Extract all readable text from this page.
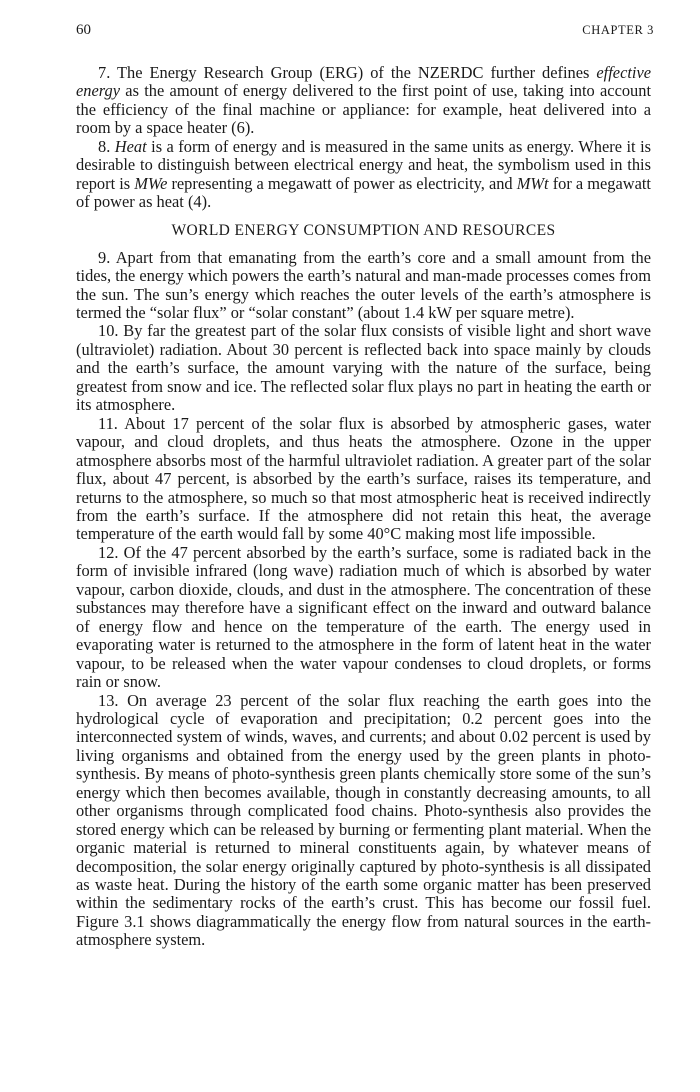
60	CHAPTER 3

7. The Energy Research Group (ERG) of the NZERDC further defines effective energy as the amount of energy delivered to the first point of use, taking into account the efficiency of the final machine or appliance: for example, heat delivered into a room by a space heater (6).

8. Heat is a form of energy and is measured in the same units as energy. Where it is desirable to distinguish between electrical energy and heat, the symbolism used in this report is MWe representing a megawatt of power as electricity, and MWt for a megawatt of power as heat (4).

WORLD ENERGY CONSUMPTION AND RESOURCES

9. Apart from that emanating from the earth’s core and a small amount from the tides, the energy which powers the earth’s natural and man-made processes comes from the sun. The sun’s energy which reaches the outer levels of the earth’s atmosphere is termed the “solar flux” or “solar constant” (about 1.4 kW per square metre).

10. By far the greatest part of the solar flux consists of visible light and short wave (ultraviolet) radiation. About 30 percent is reflected back into space mainly by clouds and the earth’s surface, the amount varying with the nature of the surface, being greatest from snow and ice. The reflected solar flux plays no part in heating the earth or its atmosphere.

11. About 17 percent of the solar flux is absorbed by atmospheric gases, water vapour, and cloud droplets, and thus heats the atmosphere. Ozone in the upper atmosphere absorbs most of the harmful ultraviolet radiation. A greater part of the solar flux, about 47 percent, is absorbed by the earth’s surface, raises its temperature, and returns to the atmosphere, so much so that most atmospheric heat is received indirectly from the earth’s surface. If the atmosphere did not retain this heat, the average temperature of the earth would fall by some 40°C making most life impossible.

12. Of the 47 percent absorbed by the earth’s surface, some is radiated back in the form of invisible infrared (long wave) radiation much of which is absorbed by water vapour, carbon dioxide, clouds, and dust in the atmosphere. The concentration of these substances may therefore have a significant effect on the inward and outward balance of energy flow and hence on the temperature of the earth. The energy used in evaporating water is returned to the atmosphere in the form of latent heat in the water vapour, to be released when the water vapour condenses to cloud droplets, or forms rain or snow.

13. On average 23 percent of the solar flux reaching the earth goes into the hydrological cycle of evaporation and precipitation; 0.2 percent goes into the interconnected system of winds, waves, and currents; and about 0.02 percent is used by living organisms and obtained from the energy used by the green plants in photo-synthesis. By means of photo-synthesis green plants chemically store some of the sun’s energy which then becomes available, though in constantly decreasing amounts, to all other organisms through complicated food chains. Photo-synthesis also provides the stored energy which can be released by burning or fermenting plant material. When the organic material is returned to mineral constituents again, by whatever means of decomposition, the solar energy originally captured by photo-synthesis is all dissipated as waste heat. During the history of the earth some organic matter has been preserved within the sedimentary rocks of the earth’s crust. This has become our fossil fuel. Figure 3.1 shows diagrammatically the energy flow from natural sources in the earth-atmosphere system.
